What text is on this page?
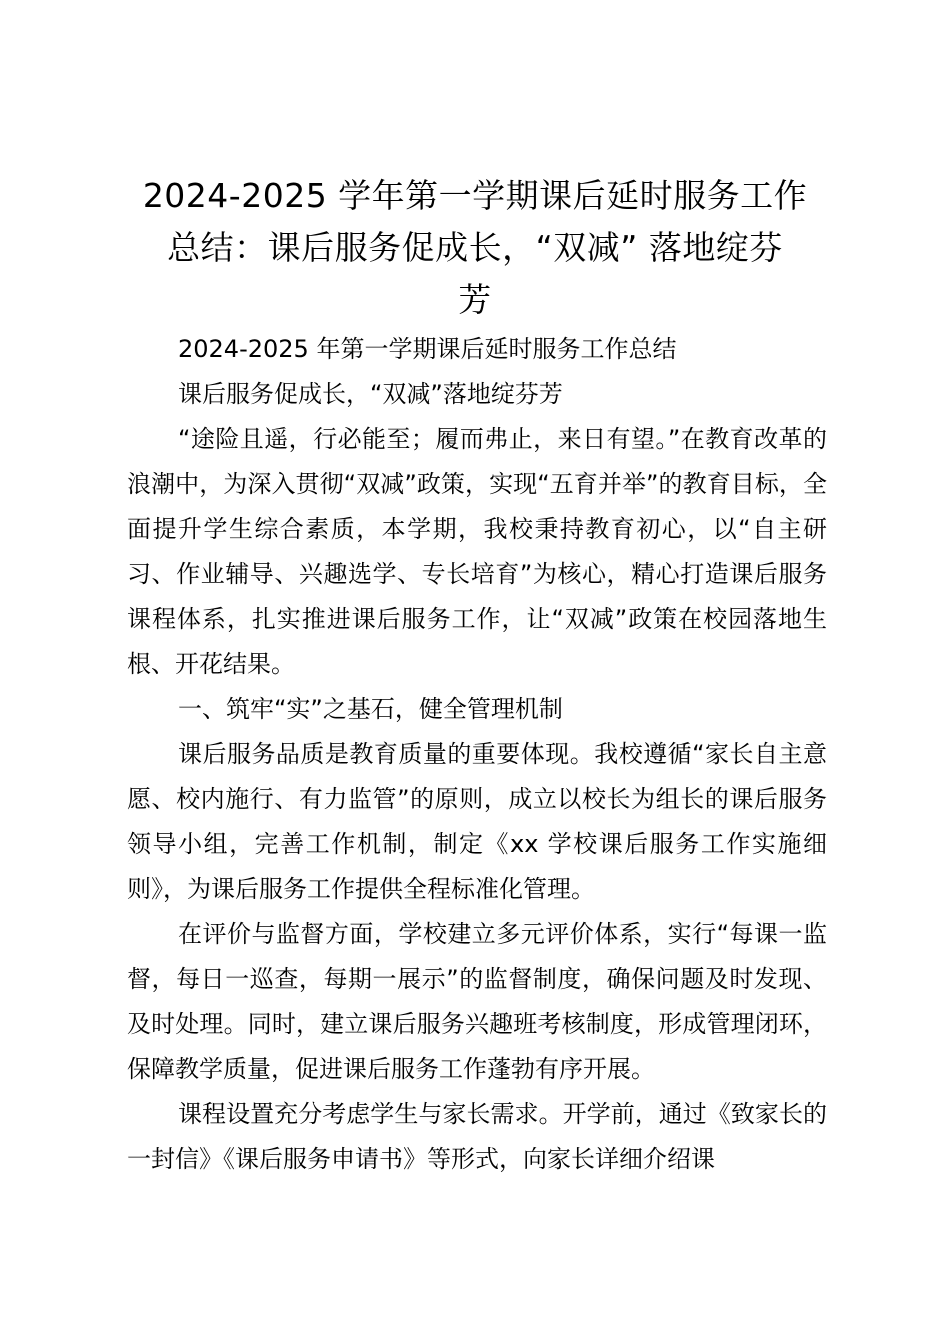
2024-2025 学年第一学期课后延时服务工作
总结：课后服务促成长，“双减” 落地绽芬
芳

2024-2025 年第一学期课后延时服务工作总结

课后服务促成长，“双减”落地绽芬芳

“途险且遥，行必能至；履而弗止，来日有望。”在教育改革的浪潮中，为深入贯彻“双减”政策，实现“五育并举”的教育目标，全面提升学生综合素质，本学期，我校秉持教育初心，以“自主研习、作业辅导、兴趣选学、专长培育”为核心，精心打造课后服务课程体系，扎实推进课后服务工作，让“双减”政策在校园落地生根、开花结果。

一、筑牢“实”之基石，健全管理机制

课后服务品质是教育质量的重要体现。我校遵循“家长自主意愿、校内施行、有力监管”的原则，成立以校长为组长的课后服务领导小组，完善工作机制，制定《xx 学校课后服务工作实施细则》，为课后服务工作提供全程标准化管理。

在评价与监督方面，学校建立多元评价体系，实行“每课一监督，每日一巡查，每期一展示”的监督制度，确保问题及时发现、及时处理。同时，建立课后服务兴趣班考核制度，形成管理闭环，保障教学质量，促进课后服务工作蓬勃有序开展。

课程设置充分考虑学生与家长需求。开学前，通过《致家长的一封信》《课后服务申请书》等形式，向家长详细介绍课
